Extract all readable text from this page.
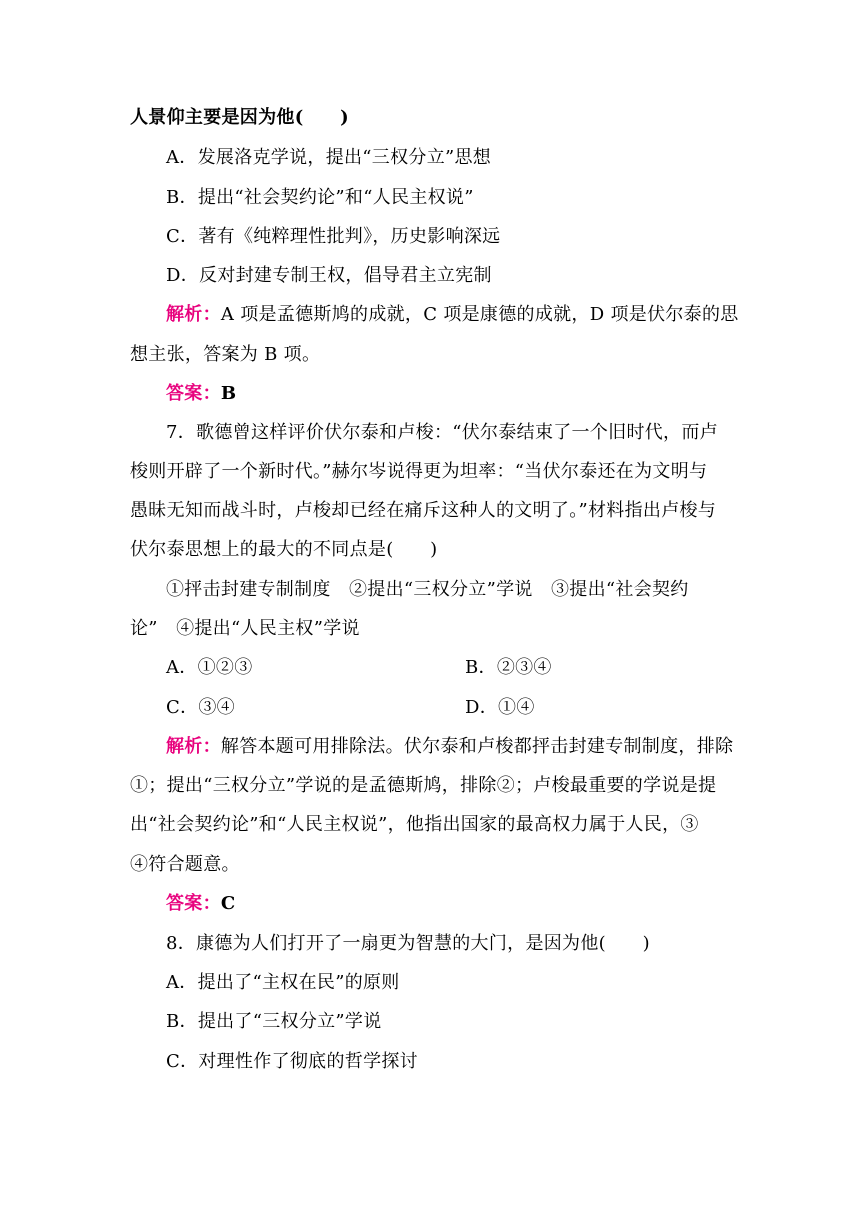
人景仰主要是因为他(　　)
A．发展洛克学说，提出“三权分立”思想
B．提出“社会契约论”和“人民主权说”
C．著有《纯粹理性批判》，历史影响深远
D．反对封建专制王权，倡导君主立宪制
解析：A 项是孟德斯鸠的成就，C 项是康德的成就，D 项是伏尔泰的思
想主张，答案为 B 项。
答案：B
7．歌德曾这样评价伏尔泰和卢梭：“伏尔泰结束了一个旧时代，而卢
梭则开辟了一个新时代。”赫尔岑说得更为坦率：“当伏尔泰还在为文明与
愚昧无知而战斗时，卢梭却已经在痛斥这种人的文明了。”材料指出卢梭与
伏尔泰思想上的最大的不同点是(　　)
①抨击封建专制制度　②提出“三权分立”学说　③提出“社会契约
论”　④提出“人民主权”学说
A．①②③	B．②③④
C．③④	D．①④
解析：解答本题可用排除法。伏尔泰和卢梭都抨击封建专制制度，排除
①；提出“三权分立”学说的是孟德斯鸠，排除②；卢梭最重要的学说是提
出“社会契约论”和“人民主权说”，他指出国家的最高权力属于人民，③
④符合题意。
答案：C
8．康德为人们打开了一扇更为智慧的大门，是因为他(　　)
A．提出了“主权在民”的原则
B．提出了“三权分立”学说
C．对理性作了彻底的哲学探讨
